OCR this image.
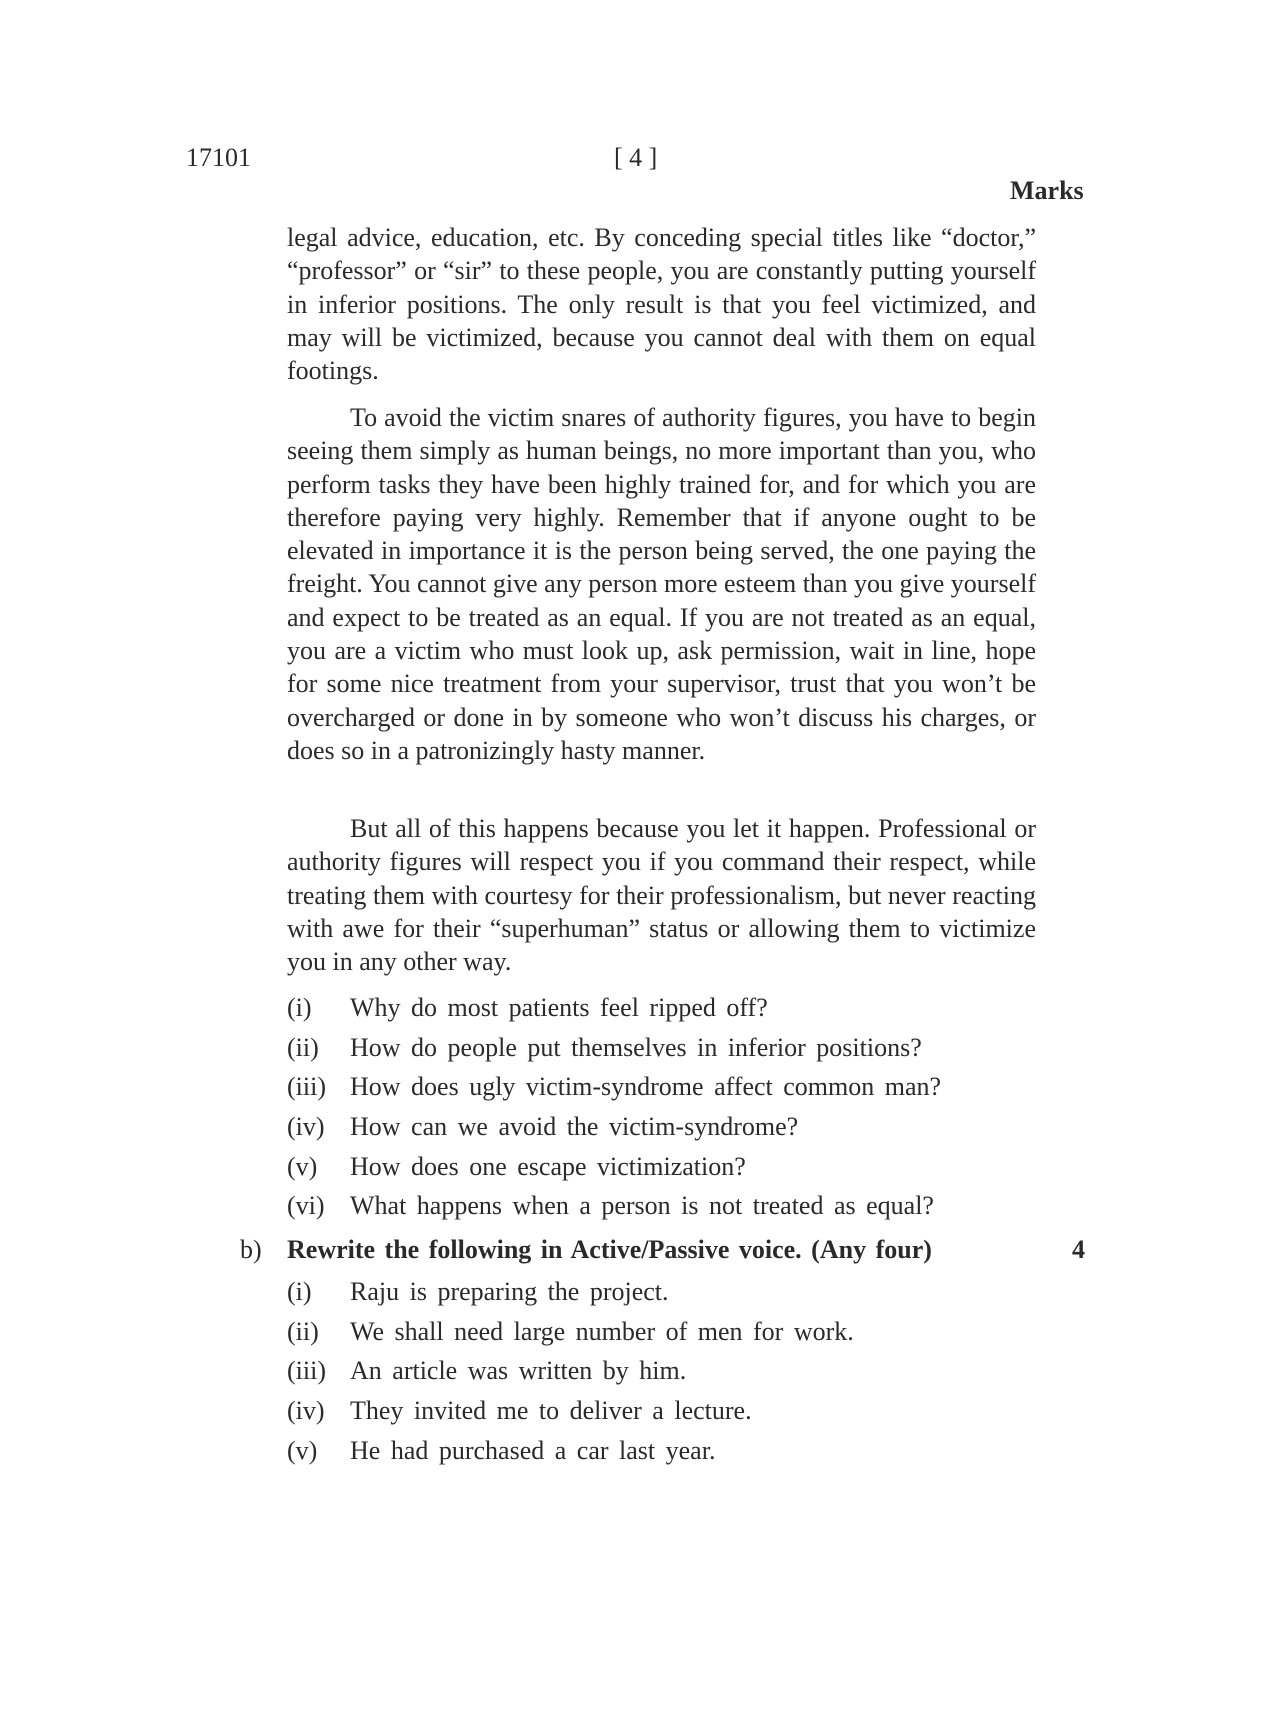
17101	[ 4 ]
Marks

legal advice, education, etc. By conceding special titles like “doctor,” “professor” or “sir” to these people, you are constantly putting yourself in inferior positions. The only result is that you feel victimized, and may will be victimized, because you cannot deal with them on equal footings.

To avoid the victim snares of authority figures, you have to begin seeing them simply as human beings, no more important than you, who perform tasks they have been highly trained for, and for which you are therefore paying very highly. Remember that if anyone ought to be elevated in importance it is the person being served, the one paying the freight. You cannot give any person more esteem than you give yourself and expect to be treated as an equal. If you are not treated as an equal, you are a victim who must look up, ask permission, wait in line, hope for some nice treatment from your supervisor, trust that you won’t be overcharged or done in by someone who won’t discuss his charges, or does so in a patronizingly hasty manner.

But all of this happens because you let it happen. Professional or authority figures will respect you if you command their respect, while treating them with courtesy for their professionalism, but never reacting with awe for their “superhuman” status or allowing them to victimize you in any other way.

(i)	Why do most patients feel ripped off?
(ii)	How do people put themselves in inferior positions?
(iii) How does ugly victim-syndrome affect common man?
(iv) How can we avoid the victim-syndrome?
(v)	How does one escape victimization?
(vi) What happens when a person is not treated as equal?
b) Rewrite the following in Active/Passive voice. (Any four)	4
(i)	Raju is preparing the project.
(ii)	We shall need large number of men for work.
(iii) An article was written by him.
(iv) They invited me to deliver a lecture.
(v)	He had purchased a car last year.
